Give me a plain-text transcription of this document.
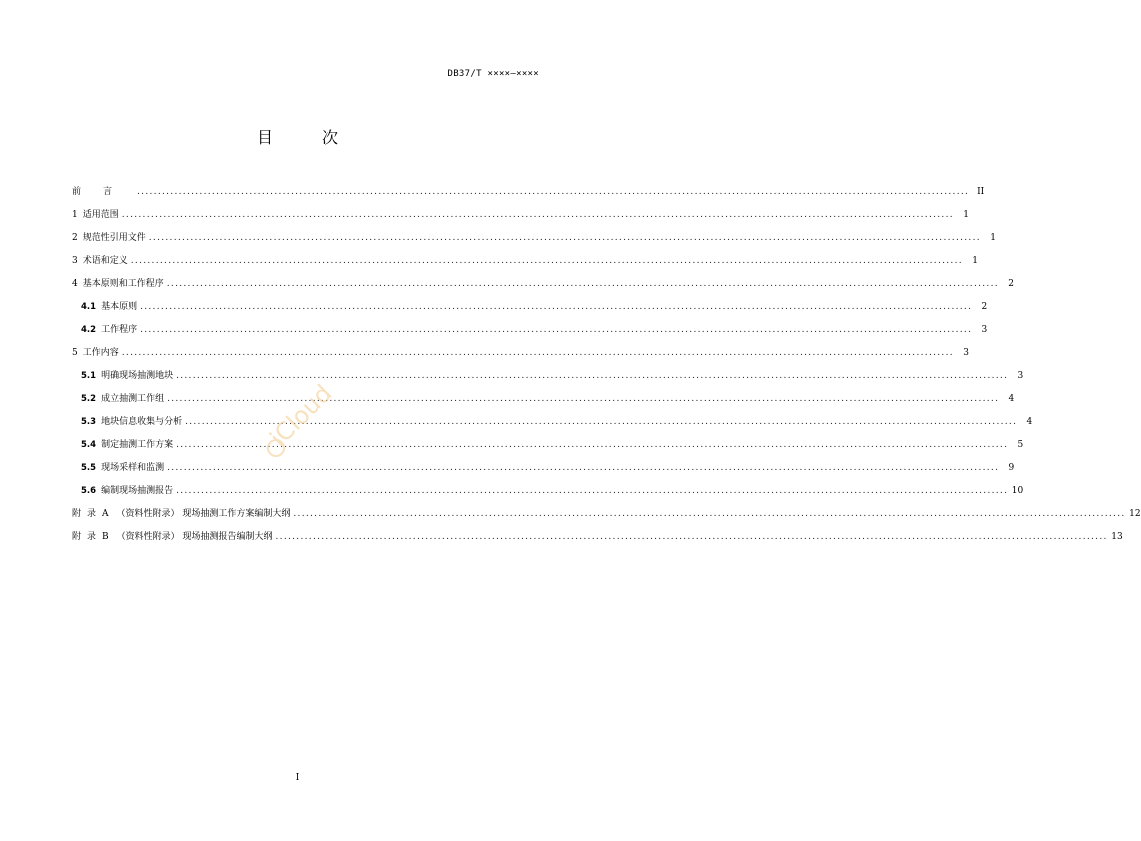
DB37/T ××××—××××
目 次
前言 ........................................................................................................................................................................................................ II
1 适用范围 ........................................................................................................................................................................................................	1
2 规范性引用文件 ........................................................................................................................................................................................................	1
3 术语和定义 ........................................................................................................................................................................................................	1
4 基本原则和工作程序 ........................................................................................................................................................................................................	2
4.1 基本原则 ........................................................................................................................................................................................................	2
4.2 工作程序 ........................................................................................................................................................................................................	3
5 工作内容 ........................................................................................................................................................................................................	3
5.1 明确现场抽测地块 ........................................................................................................................................................................................................	3
5.2 成立抽测工作组 ........................................................................................................................................................................................................	4
5.3 地块信息收集与分析 ........................................................................................................................................................................................................	4
5.4 制定抽测工作方案 ........................................................................................................................................................................................................	5
5.5 现场采样和监测 ........................................................................................................................................................................................................	9
5.6 编制现场抽测报告 ........................................................................................................................................................................................................ 10
附录A （资料性附录） 现场抽测工作方案编制大纲 ........................................................................................................................................................................................................ 12
附录B （资料性附录） 现场抽测报告编制大纲 ........................................................................................................................................................................................................ 13
iCloud
I
